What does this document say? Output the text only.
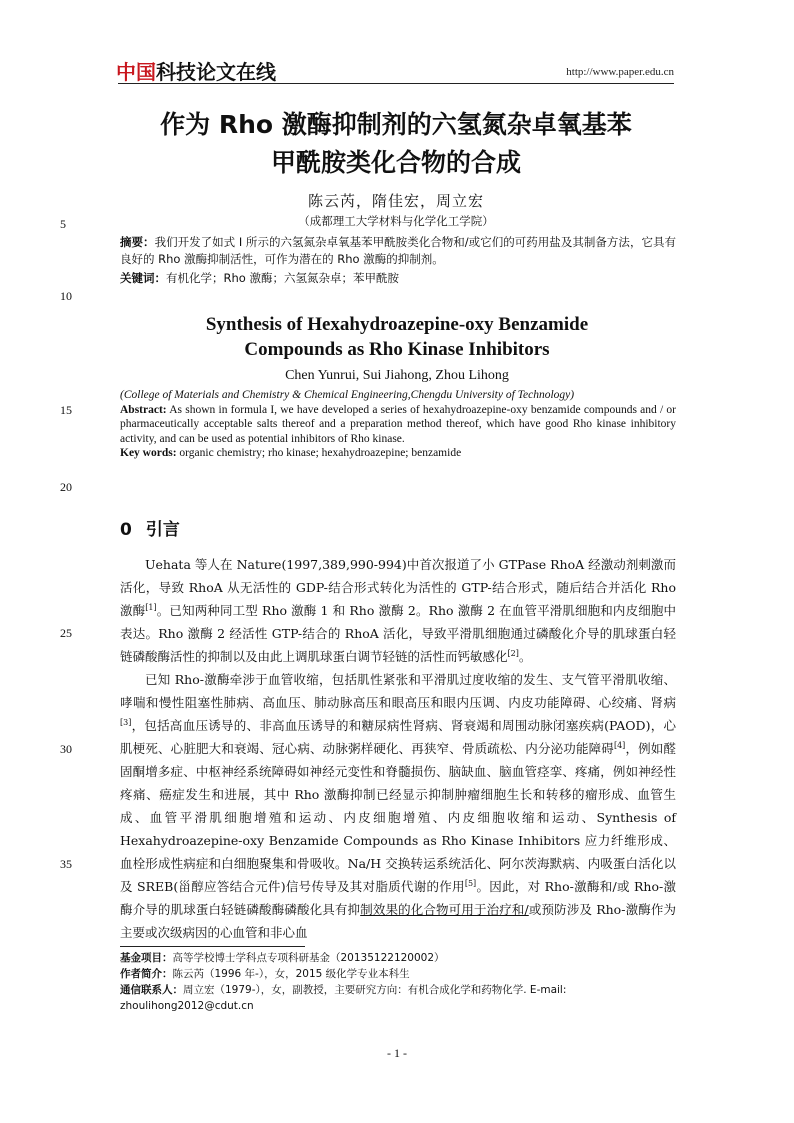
中国科技论文在线	http://www.paper.edu.cn
作为 Rho 激酶抑制剂的六氢氮杂卓氧基苯
甲酰胺类化合物的合成
陈云芮，隋佳宏，周立宏
（成都理工大学材料与化学化工学院）
摘要：我们开发了如式 I 所示的六氢氮杂卓氧基苯甲酰胺类化合物和/或它们的可药用盐及其制备方法，它具有良好的 Rho 激酶抑制活性，可作为潜在的 Rho 激酶的抑制剂。
关键词：有机化学；Rho 激酶；六氢氮杂卓；苯甲酰胺
Synthesis of Hexahydroazepine-oxy Benzamide
Compounds as Rho Kinase Inhibitors
Chen Yunrui, Sui Jiahong, Zhou Lihong
(College of Materials and Chemistry & Chemical Engineering,Chengdu University of Technology)
Abstract: As shown in formula I, we have developed a series of hexahydroazepine-oxy benzamide compounds and / or pharmaceutically acceptable salts thereof and a preparation method thereof, which have good Rho kinase inhibitory activity, and can be used as potential inhibitors of Rho kinase.
Key words: organic chemistry; rho kinase; hexahydroazepine; benzamide
5
10
15
20
25
30
35
0 引言

Uehata 等人在 Nature(1997,389,990-994)中首次报道了小 GTPase RhoA 经激动剂刺激而活化，导致 RhoA 从无活性的 GDP-结合形式转化为活性的 GTP-结合形式，随后结合并活化 Rho 激酶[1]。已知两种同工型 Rho 激酶 1 和 Rho 激酶 2。Rho 激酶 2 在血管平滑肌细胞和内皮细胞中表达。Rho 激酶 2 经活性 GTP-结合的 RhoA 活化，导致平滑肌细胞通过磷酸化介导的肌球蛋白轻链磷酸酶活性的抑制以及由此上调肌球蛋白调节轻链的活性而钙敏感化[2]。

已知 Rho-激酶牵涉于血管收缩，包括肌性紧张和平滑肌过度收缩的发生、支气管平滑肌收缩、哮喘和慢性阻塞性肺病、高血压、肺动脉高压和眼高压和眼内压调、内皮功能障碍、心绞痛、肾病[3]，包括高血压诱导的、非高血压诱导的和糖尿病性肾病、肾衰竭和周围动脉闭塞疾病(PAOD)，心肌梗死、心脏肥大和衰竭、冠心病、动脉粥样硬化、再狭窄、骨质疏松、内分泌功能障碍[4]，例如醛固酮增多症、中枢神经系统障碍如神经元变性和脊髓损伤、脑缺血、脑血管痉挛、疼痛，例如神经性疼痛、癌症发生和进展，其中 Rho 激酶抑制已经显示抑制肿瘤细胞生长和转移的瘤形成、血管生成、血管平滑肌细胞增殖和运动、内皮细胞增殖、内皮细胞收缩和运动、Synthesis of Hexahydroazepine-oxy Benzamide Compounds as Rho Kinase Inhibitors 应力纤维形成、血栓形成性病症和白细胞聚集和骨吸收。Na/H 交换转运系统活化、阿尔茨海默病、内吸蛋白活化以及 SREB(甾醇应答结合元件)信号传导及其对脂质代谢的作用[5]。因此，对 Rho-激酶和/或 Rho-激酶介导的肌球蛋白轻链磷酸酶磷酸化具有抑制效果的化合物可用于治疗和/或预防涉及 Rho-激酶作为主要或次级病因的心血管和非心血

基金项目：高等学校博士学科点专项科研基金（20135122120002）
作者简介：陈云芮（1996 年-），女，2015 级化学专业本科生
通信联系人：周立宏（1979-），女，副教授，主要研究方向：有机合成化学和药物化学. E-mail: zhoulihong2012@cdut.cn
- 1 -
